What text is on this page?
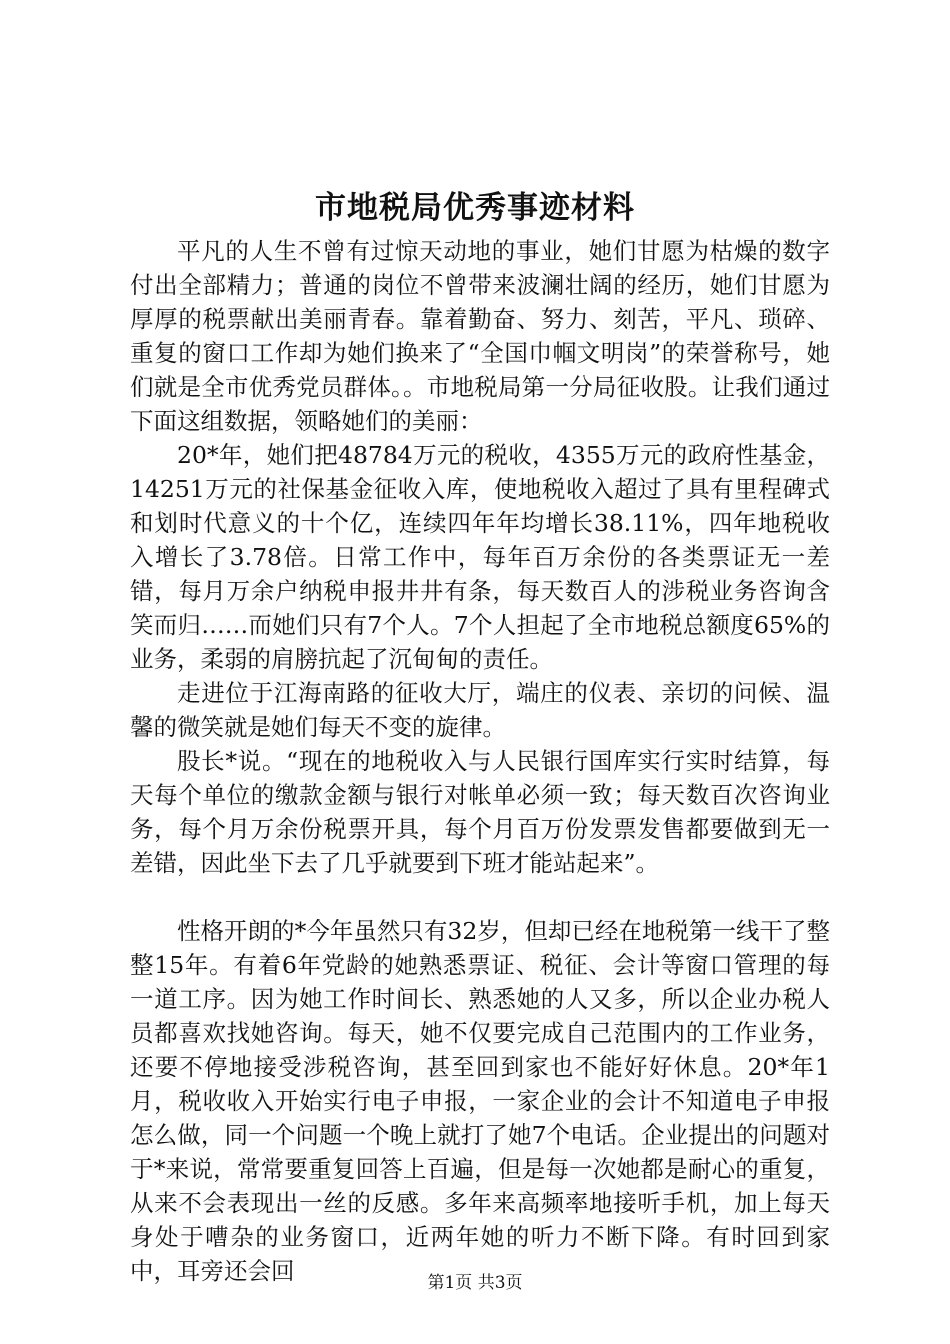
市地税局优秀事迹材料

平凡的人生不曾有过惊天动地的事业，她们甘愿为枯燥的数字付出全部精力；普通的岗位不曾带来波澜壮阔的经历，她们甘愿为厚厚的税票献出美丽青春。靠着勤奋、努力、刻苦，平凡、琐碎、重复的窗口工作却为她们换来了“全国巾帼文明岗”的荣誉称号，她们就是全市优秀党员群体。。市地税局第一分局征收股。让我们通过下面这组数据，领略她们的美丽：

20*年，她们把48784万元的税收，4355万元的政府性基金，14251万元的社保基金征收入库，使地税收入超过了具有里程碑式和划时代意义的十个亿，连续四年年均增长38.11%，四年地税收入增长了3.78倍。日常工作中，每年百万余份的各类票证无一差错，每月万余户纳税申报井井有条，每天数百人的涉税业务咨询含笑而归……而她们只有7个人。7个人担起了全市地税总额度65%的业务，柔弱的肩膀抗起了沉甸甸的责任。

走进位于江海南路的征收大厅，端庄的仪表、亲切的问候、温馨的微笑就是她们每天不变的旋律。

股长*说。“现在的地税收入与人民银行国库实行实时结算，每天每个单位的缴款金额与银行对帐单必须一致；每天数百次咨询业务，每个月万余份税票开具，每个月百万份发票发售都要做到无一差错，因此坐下去了几乎就要到下班才能站起来”。

性格开朗的*今年虽然只有32岁，但却已经在地税第一线干了整整15年。有着6年党龄的她熟悉票证、税征、会计等窗口管理的每一道工序。因为她工作时间长、熟悉她的人又多，所以企业办税人员都喜欢找她咨询。每天，她不仅要完成自己范围内的工作业务，还要不停地接受涉税咨询，甚至回到家也不能好好休息。20*年1月，税收收入开始实行电子申报，一家企业的会计不知道电子申报怎么做，同一个问题一个晚上就打了她7个电话。企业提出的问题对于*来说，常常要重复回答上百遍，但是每一次她都是耐心的重复，从来不会表现出一丝的反感。多年来高频率地接听手机，加上每天身处于嘈杂的业务窗口，近两年她的听力不断下降。有时回到家中，耳旁还会回	第1页 共3页
